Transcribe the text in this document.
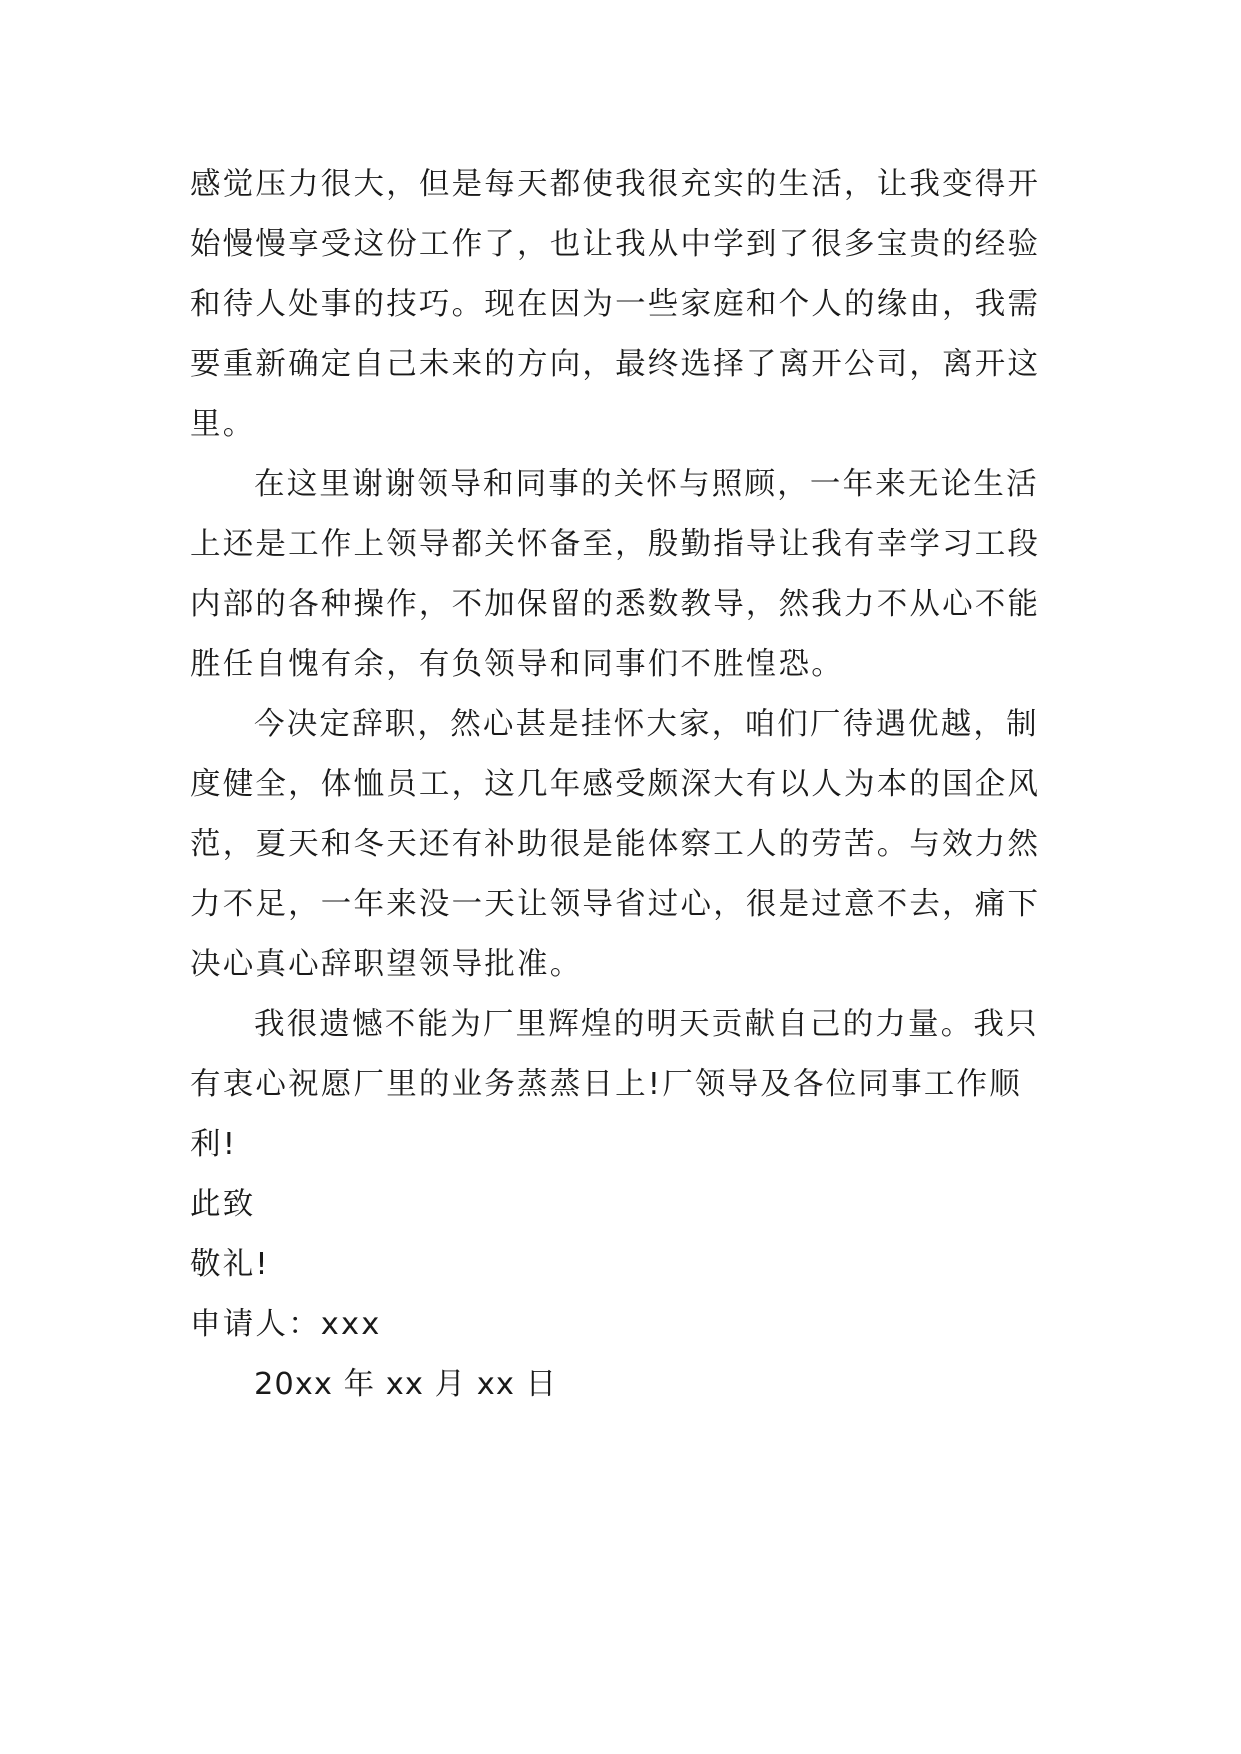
感觉压力很大，但是每天都使我很充实的生活，让我变得开
始慢慢享受这份工作了，也让我从中学到了很多宝贵的经验
和待人处事的技巧。现在因为一些家庭和个人的缘由，我需
要重新确定自己未来的方向，最终选择了离开公司，离开这
里。
在这里谢谢领导和同事的关怀与照顾，一年来无论生活
上还是工作上领导都关怀备至，殷勤指导让我有幸学习工段
内部的各种操作，不加保留的悉数教导，然我力不从心不能
胜任自愧有余，有负领导和同事们不胜惶恐。
今决定辞职，然心甚是挂怀大家，咱们厂待遇优越，制
度健全，体恤员工，这几年感受颇深大有以人为本的国企风
范，夏天和冬天还有补助很是能体察工人的劳苦。与效力然
力不足，一年来没一天让领导省过心，很是过意不去，痛下
决心真心辞职望领导批准。
我很遗憾不能为厂里辉煌的明天贡献自己的力量。我只
有衷心祝愿厂里的业务蒸蒸日上!厂领导及各位同事工作顺
利!
此致
敬礼!
申请人：xxx
20xx 年 xx 月 xx 日
